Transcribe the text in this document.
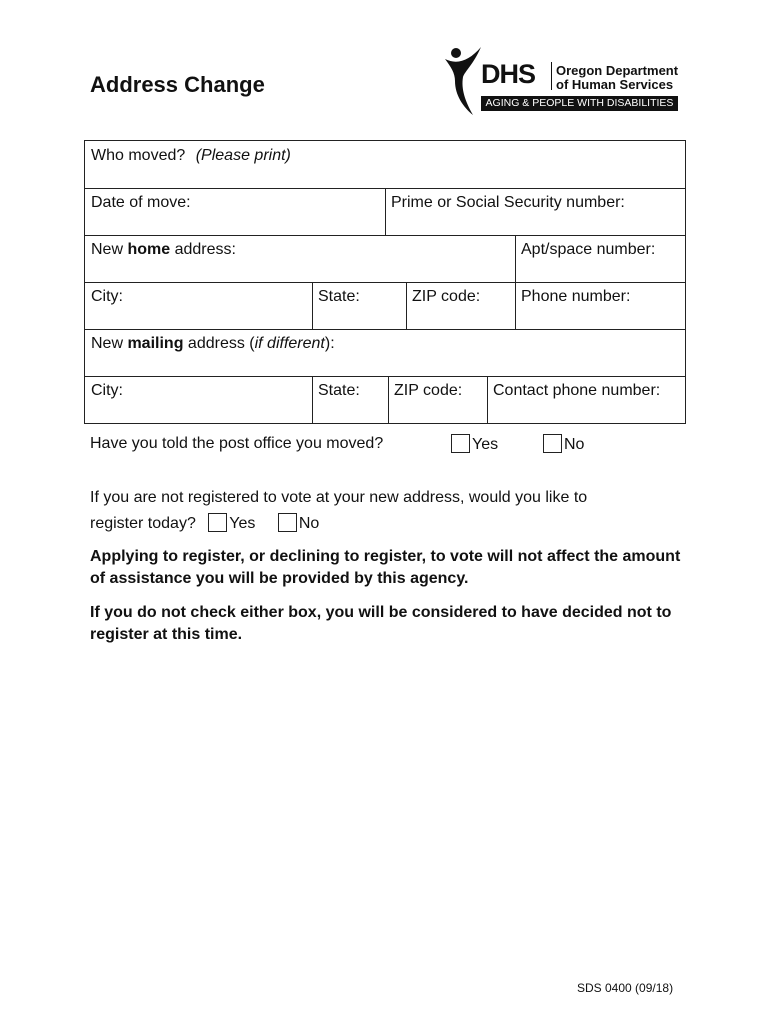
Address Change	DHS Oregon Department
of Human Services
AGING & PEOPLE WITH DISABILITIES
Who moved? (Please print)
Date of move:	Prime or Social Security number:
New home address:	Apt/space number:
City:	State:	ZIP code:	Phone number:
New mailing address (if different):
City:	State:	ZIP code:	Contact phone number:
Have you told the post office you moved?	Yes	No
If you are not registered to vote at your new address, would you like to
register today? Yes	No

Applying to register, or declining to register, to vote will not affect the amount of assistance you will be provided by this agency.

If you do not check either box, you will be considered to have decided not to register at this time.

SDS 0400 (09/18)
